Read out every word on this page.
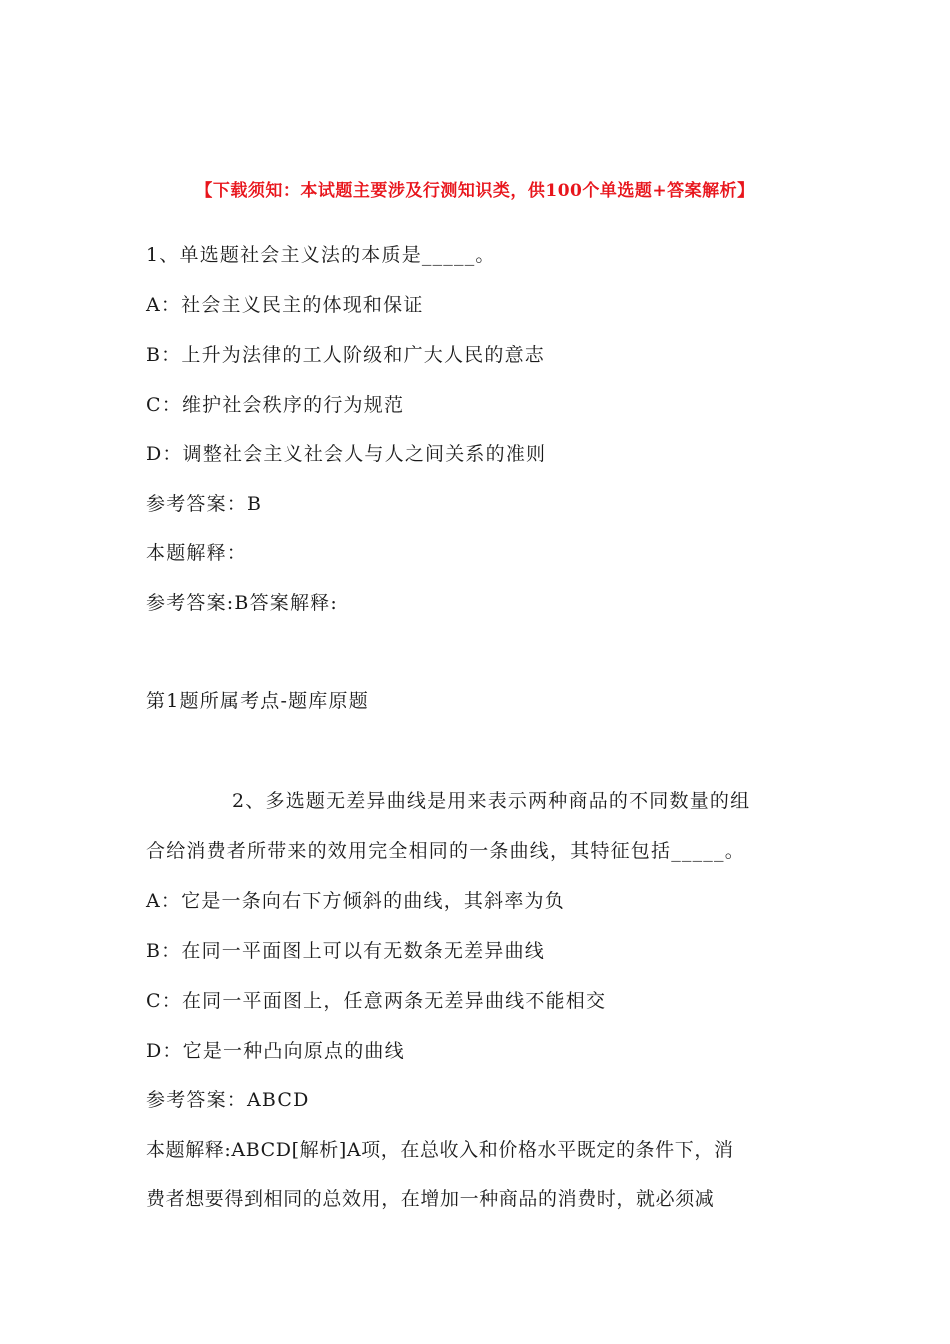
【下载须知：本试题主要涉及行测知识类，供100个单选题+答案解析】
1、单选题社会主义法的本质是_____。
A：社会主义民主的体现和保证
B：上升为法律的工人阶级和广大人民的意志
C：维护社会秩序的行为规范
D：调整社会主义社会人与人之间关系的准则
参考答案：B
本题解释：
参考答案:B答案解释:
第1题所属考点-题库原题
2、多选题无差异曲线是用来表示两种商品的不同数量的组
合给消费者所带来的效用完全相同的一条曲线，其特征包括_____。
A：它是一条向右下方倾斜的曲线，其斜率为负
B：在同一平面图上可以有无数条无差异曲线
C：在同一平面图上，任意两条无差异曲线不能相交
D：它是一种凸向原点的曲线
参考答案：ABCD
本题解释:ABCD[解析]A项，在总收入和价格水平既定的条件下，消
费者想要得到相同的总效用，在增加一种商品的消费时，就必须减
